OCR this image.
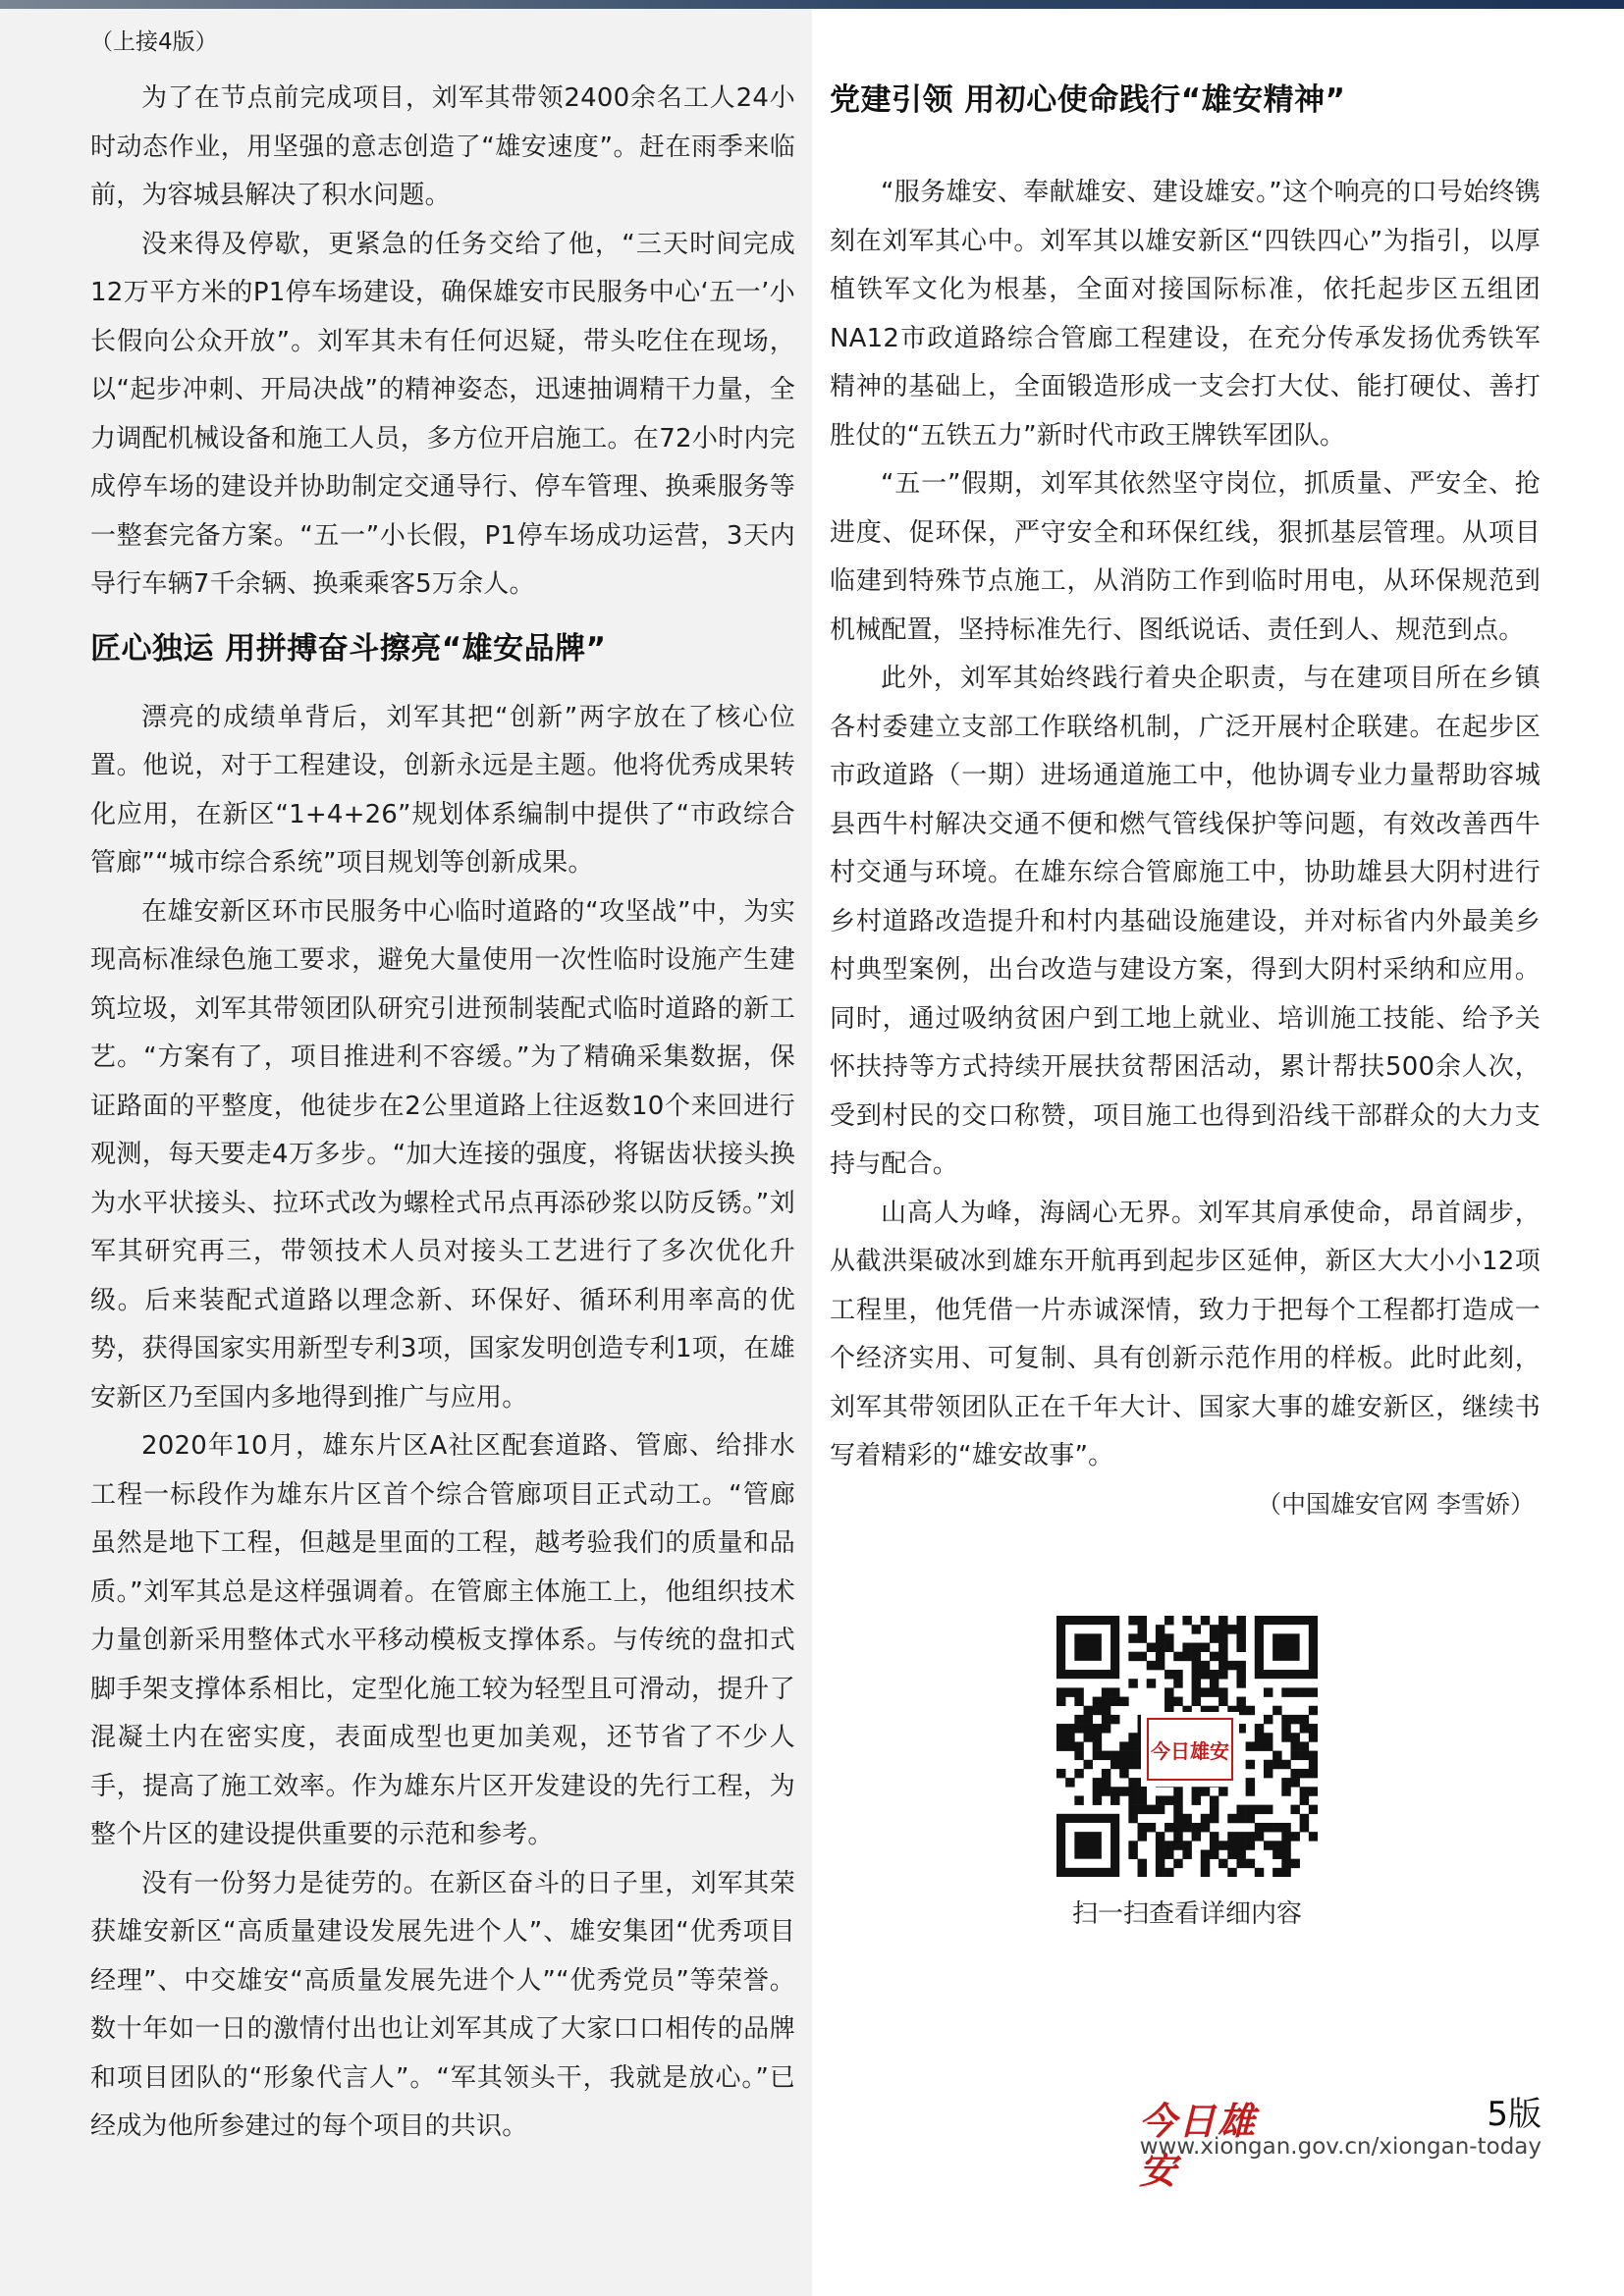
（上接4版）

为了在节点前完成项目，刘军其带领2400余名工人24小时动态作业，用坚强的意志创造了“雄安速度”。赶在雨季来临前，为容城县解决了积水问题。

没来得及停歇，更紧急的任务交给了他，“三天时间完成12万平方米的P1停车场建设，确保雄安市民服务中心‘五一’小长假向公众开放”。刘军其未有任何迟疑，带头吃住在现场，以“起步冲刺、开局决战”的精神姿态，迅速抽调精干力量，全力调配机械设备和施工人员，多方位开启施工。在72小时内完成停车场的建设并协助制定交通导行、停车管理、换乘服务等一整套完备方案。“五一”小长假，P1停车场成功运营，3天内导行车辆7千余辆、换乘乘客5万余人。

匠心独运 用拼搏奋斗擦亮“雄安品牌”

漂亮的成绩单背后，刘军其把“创新”两字放在了核心位置。他说，对于工程建设，创新永远是主题。他将优秀成果转化应用，在新区“1+4+26”规划体系编制中提供了“市政综合管廊”“城市综合系统”项目规划等创新成果。

在雄安新区环市民服务中心临时道路的“攻坚战”中，为实现高标准绿色施工要求，避免大量使用一次性临时设施产生建筑垃圾，刘军其带领团队研究引进预制装配式临时道路的新工艺。“方案有了，项目推进利不容缓。”为了精确采集数据，保证路面的平整度，他徒步在2公里道路上往返数10个来回进行观测，每天要走4万多步。“加大连接的强度，将锯齿状接头换为水平状接头、拉环式改为螺栓式吊点再添砂浆以防反锈。”刘军其研究再三，带领技术人员对接头工艺进行了多次优化升级。后来装配式道路以理念新、环保好、循环利用率高的优势，获得国家实用新型专利3项，国家发明创造专利1项，在雄安新区乃至国内多地得到推广与应用。

2020年10月，雄东片区A社区配套道路、管廊、给排水工程一标段作为雄东片区首个综合管廊项目正式动工。“管廊虽然是地下工程，但越是里面的工程，越考验我们的质量和品质。”刘军其总是这样强调着。在管廊主体施工上，他组织技术力量创新采用整体式水平移动模板支撑体系。与传统的盘扣式脚手架支撑体系相比，定型化施工较为轻型且可滑动，提升了混凝土内在密实度，表面成型也更加美观，还节省了不少人手，提高了施工效率。作为雄东片区开发建设的先行工程，为整个片区的建设提供重要的示范和参考。

没有一份努力是徒劳的。在新区奋斗的日子里，刘军其荣获雄安新区“高质量建设发展先进个人”、雄安集团“优秀项目经理”、中交雄安“高质量发展先进个人”“优秀党员”等荣誉。数十年如一日的激情付出也让刘军其成了大家口口相传的品牌和项目团队的“形象代言人”。“军其领头干，我就是放心。”已经成为他所参建过的每个项目的共识。

党建引领 用初心使命践行“雄安精神”

“服务雄安、奉献雄安、建设雄安。”这个响亮的口号始终镌刻在刘军其心中。刘军其以雄安新区“四铁四心”为指引，以厚植铁军文化为根基，全面对接国际标准，依托起步区五组团NA12市政道路综合管廊工程建设，在充分传承发扬优秀铁军精神的基础上，全面锻造形成一支会打大仗、能打硬仗、善打胜仗的“五铁五力”新时代市政王牌铁军团队。

“五一”假期，刘军其依然坚守岗位，抓质量、严安全、抢进度、促环保，严守安全和环保红线，狠抓基层管理。从项目临建到特殊节点施工，从消防工作到临时用电，从环保规范到机械配置，坚持标准先行、图纸说话、责任到人、规范到点。

此外，刘军其始终践行着央企职责，与在建项目所在乡镇各村委建立支部工作联络机制，广泛开展村企联建。在起步区市政道路（一期）进场通道施工中，他协调专业力量帮助容城县西牛村解决交通不便和燃气管线保护等问题，有效改善西牛村交通与环境。在雄东综合管廊施工中，协助雄县大阴村进行乡村道路改造提升和村内基础设施建设，并对标省内外最美乡村典型案例，出台改造与建设方案，得到大阴村采纳和应用。同时，通过吸纳贫困户到工地上就业、培训施工技能、给予关怀扶持等方式持续开展扶贫帮困活动，累计帮扶500余人次，受到村民的交口称赞，项目施工也得到沿线干部群众的大力支持与配合。

山高人为峰，海阔心无界。刘军其肩承使命，昂首阔步，从截洪渠破冰到雄东开航再到起步区延伸，新区大大小小12项工程里，他凭借一片赤诚深情，致力于把每个工程都打造成一个经济实用、可复制、具有创新示范作用的样板。此时此刻，刘军其带领团队正在千年大计、国家大事的雄安新区，继续书写着精彩的“雄安故事”。

（中国雄安官网 李雪娇）
今日雄安
扫一扫查看详细内容
今日雄安
5版
www.xiongan.gov.cn/xiongan-today
